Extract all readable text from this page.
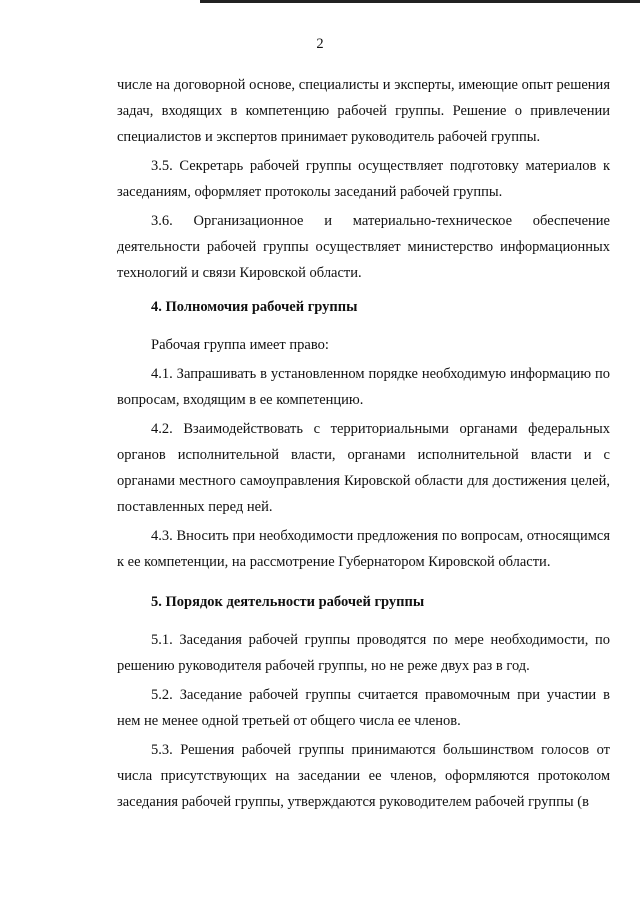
2

числе на договорной основе, специалисты и эксперты, имеющие опыт решения задач, входящих в компетенцию рабочей группы. Решение о привлечении специалистов и экспертов принимает руководитель рабочей группы.

3.5. Секретарь рабочей группы осуществляет подготовку материалов к заседаниям, оформляет протоколы заседаний рабочей группы.

3.6. Организационное и материально-техническое обеспечение деятельности рабочей группы осуществляет министерство информационных технологий и связи Кировской области.

4. Полномочия рабочей группы

Рабочая группа имеет право:

4.1. Запрашивать в установленном порядке необходимую информацию по вопросам, входящим в ее компетенцию.

4.2. Взаимодействовать с территориальными органами федеральных органов исполнительной власти, органами исполнительной власти и с органами местного самоуправления Кировской области для достижения целей, поставленных перед ней.

4.3. Вносить при необходимости предложения по вопросам, относящимся к ее компетенции, на рассмотрение Губернатором Кировской области.

5. Порядок деятельности рабочей группы

5.1. Заседания рабочей группы проводятся по мере необходимости, по решению руководителя рабочей группы, но не реже двух раз в год.

5.2. Заседание рабочей группы считается правомочным при участии в нем не менее одной третьей от общего числа ее членов.

5.3. Решения рабочей группы принимаются большинством голосов от числа присутствующих на заседании ее членов, оформляются протоколом заседания рабочей группы, утверждаются руководителем рабочей группы (в
